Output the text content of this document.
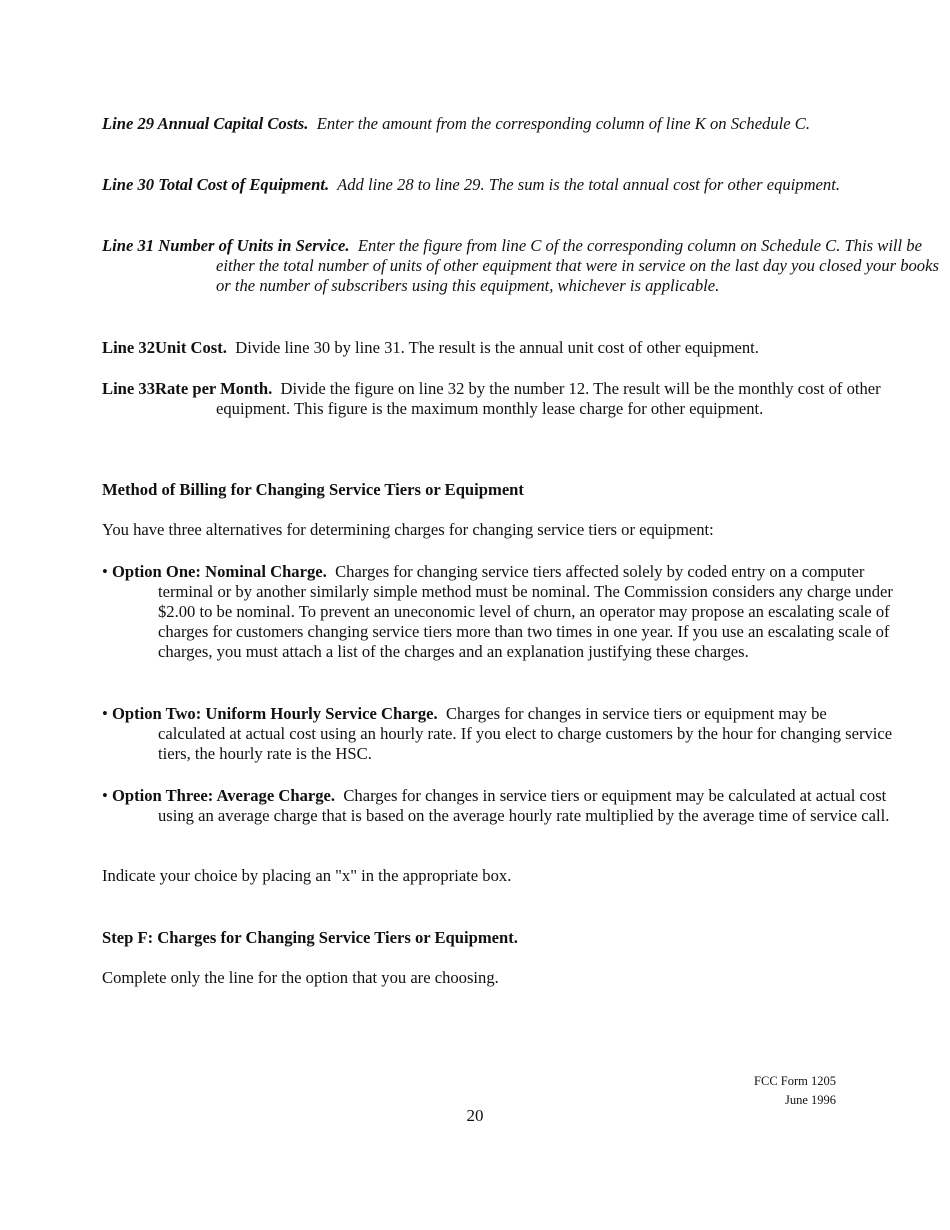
Line 29 Annual Capital Costs. Enter the amount from the corresponding column of line K on Schedule C.
Line 30 Total Cost of Equipment. Add line 28 to line 29. The sum is the total annual cost for other equipment.
Line 31 Number of Units in Service. Enter the figure from line C of the corresponding column on Schedule C. This will be either the total number of units of other equipment that were in service on the last day you closed your books or the number of subscribers using this equipment, whichever is applicable.
Line 32Unit Cost. Divide line 30 by line 31. The result is the annual unit cost of other equipment.
Line 33Rate per Month. Divide the figure on line 32 by the number 12. The result will be the monthly cost of other equipment. This figure is the maximum monthly lease charge for other equipment.
Method of Billing for Changing Service Tiers or Equipment
You have three alternatives for determining charges for changing service tiers or equipment:
• Option One: Nominal Charge. Charges for changing service tiers affected solely by coded entry on a computer terminal or by another similarly simple method must be nominal. The Commission considers any charge under $2.00 to be nominal. To prevent an uneconomic level of churn, an operator may propose an escalating scale of charges for customers changing service tiers more than two times in one year. If you use an escalating scale of charges, you must attach a list of the charges and an explanation justifying these charges.
• Option Two: Uniform Hourly Service Charge. Charges for changes in service tiers or equipment may be calculated at actual cost using an hourly rate. If you elect to charge customers by the hour for changing service tiers, the hourly rate is the HSC.
• Option Three: Average Charge. Charges for changes in service tiers or equipment may be calculated at actual cost using an average charge that is based on the average hourly rate multiplied by the average time of service call.
Indicate your choice by placing an "x" in the appropriate box.
Step F: Charges for Changing Service Tiers or Equipment.
Complete only the line for the option that you are choosing.
FCC Form 1205
June 1996
20
